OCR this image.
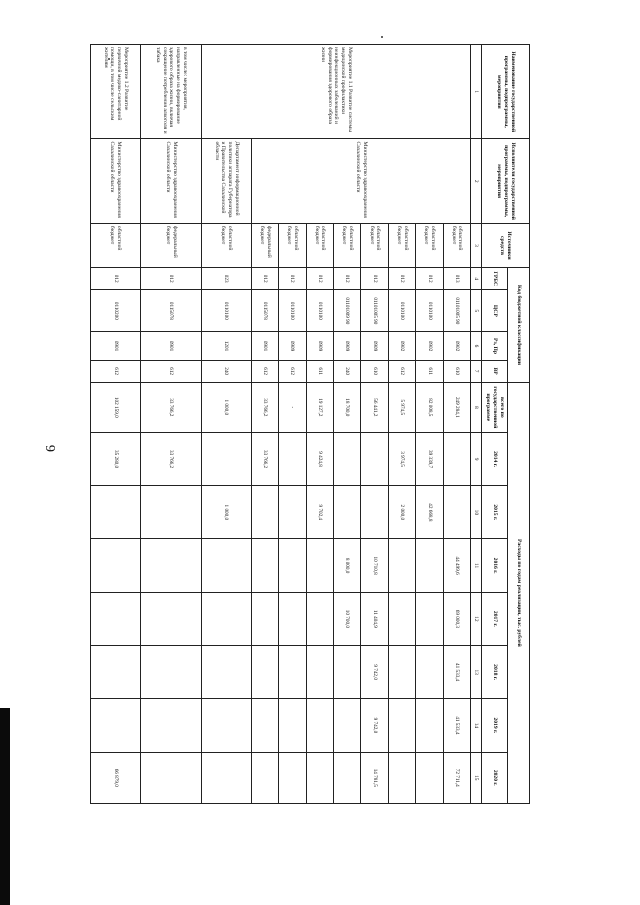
6
Наименование государственной программы, подпрограммы, мероприятия	Исполнители государственной программы, подпрограммы, мероприятия	Источники средств	Код бюджетной классификации				Расходы по годам реализации, тыс. рублей							
			ГРБС	ЦСР	Рз, Пр	ВР	всего по государственной программе	2014 г.	2015 г.	2016 г.	2017 г.	2018 г.	2019 г.	2020 г.
1	2	3	4	5	6	7	8	9	10	11	12	13	14	15
Мероприятие 1.1 Развитие системы медицинской профилактики неинфекционных заболеваний и формирования здорового образа жизни	Министерство здравоохранения Сахалинской области	областной бюджет	013	01101005 90	0902	610	249 284,1			44 499,6	69 000,3	41 533,4	41 533,4	72 711,4
		областной бюджет	012	0110100	0902	611	82 008,5	39 339,7	42 668,8					
		областной бюджет	012	0110100	0902	612	5 974,5	3 974,5	2 000,0					
		областной бюджет	012	01101005 90	0909	610	56 441,2			10 710,8	11 404,9	9 742,0	9 742,0	14 781,5
		областной бюджет	012	01101009 90	0909	240	18 700,0			8 000,0	10 700,0			
		областной бюджет	012	0110100	0909	611	19 127,2	9 424,8	9 702,4					
		областной бюджет	012	0110100	0909	612	-							
		федеральный бюджет	012	0115078	0901	612	33 766,2	33 766,2						
	Департамент информационной политики аппарата Губернатора и Правительства Сахалинской области	областной бюджет	023	0110100	1201	240	1 000,0		1 000,0					
в том числе: мероприятия, направленные на формирование здорового образа жизни, включая сокращение потребления алкоголя и табака	Министерство здравоохранения Сахалинской области	федеральный бюджет	012	0115078	0901	612	33 766,2	33 766,2						
Мероприятие 1.2 Развитие первичной медико-санитарной помощи, в том числе сельским жителям	Министерство здравоохранения Сахалинской области	областной бюджет	012	0110200	0901	612	102 159,0	35 280,0						66 879,0
